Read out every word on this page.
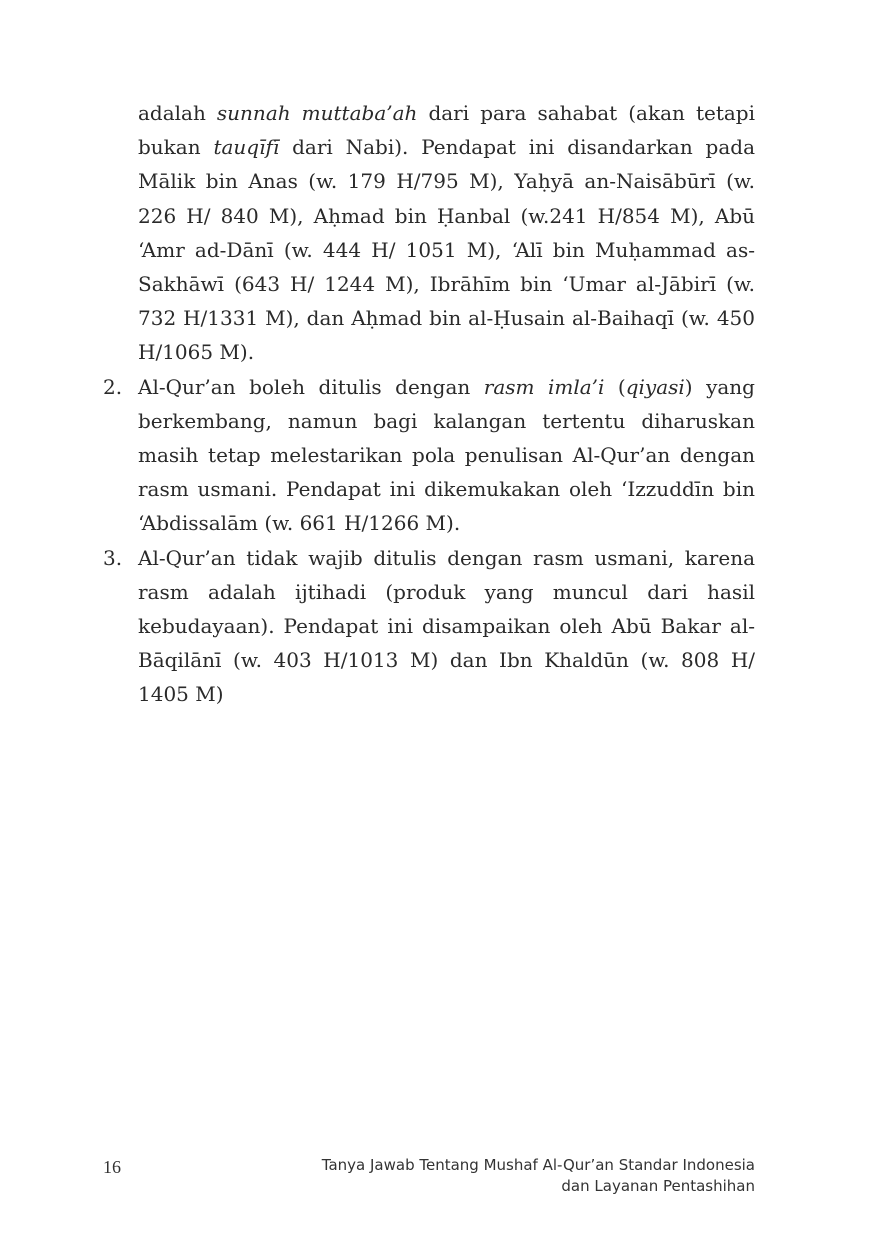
adalah sunnah muttaba’ah dari para sahabat (akan tetapi bukan tauqīfī dari Nabi). Pendapat ini disandarkan pada Mālik bin Anas (w. 179 H/795 M), Yaḥyā an-Naisābūrī (w. 226 H/ 840 M), Aḥmad bin Ḥanbal (w.241 H/854 M), Abū ‘Amr ad-Dānī (w. 444 H/ 1051 M), ‘Alī bin Muḥammad as-Sakhāwī (643 H/ 1244 M), Ibrāhīm bin ‘Umar al-Jābirī (w. 732 H/1331 M), dan Aḥmad bin al-Ḥusain al-Baihaqī (w. 450 H/1065 M).

2. Al-Qur’an boleh ditulis dengan rasm imla’i (qiyasi) yang berkembang, namun bagi kalangan tertentu diharuskan masih tetap melestarikan pola penulisan Al-Qur’an dengan rasm usmani. Pendapat ini dikemukakan oleh ‘Izzuddīn bin ‘Abdissalām (w. 661 H/1266 M).

3. Al-Qur’an tidak wajib ditulis dengan rasm usmani, karena rasm adalah ijtihadi (produk yang muncul dari hasil kebudayaan). Pendapat ini disampaikan oleh Abū Bakar al-Bāqilānī (w. 403 H/1013 M) dan Ibn Khaldūn (w. 808 H/ 1405 M)

16	Tanya Jawab Tentang Mushaf Al-Qur’an Standar Indonesia
dan Layanan Pentashihan
